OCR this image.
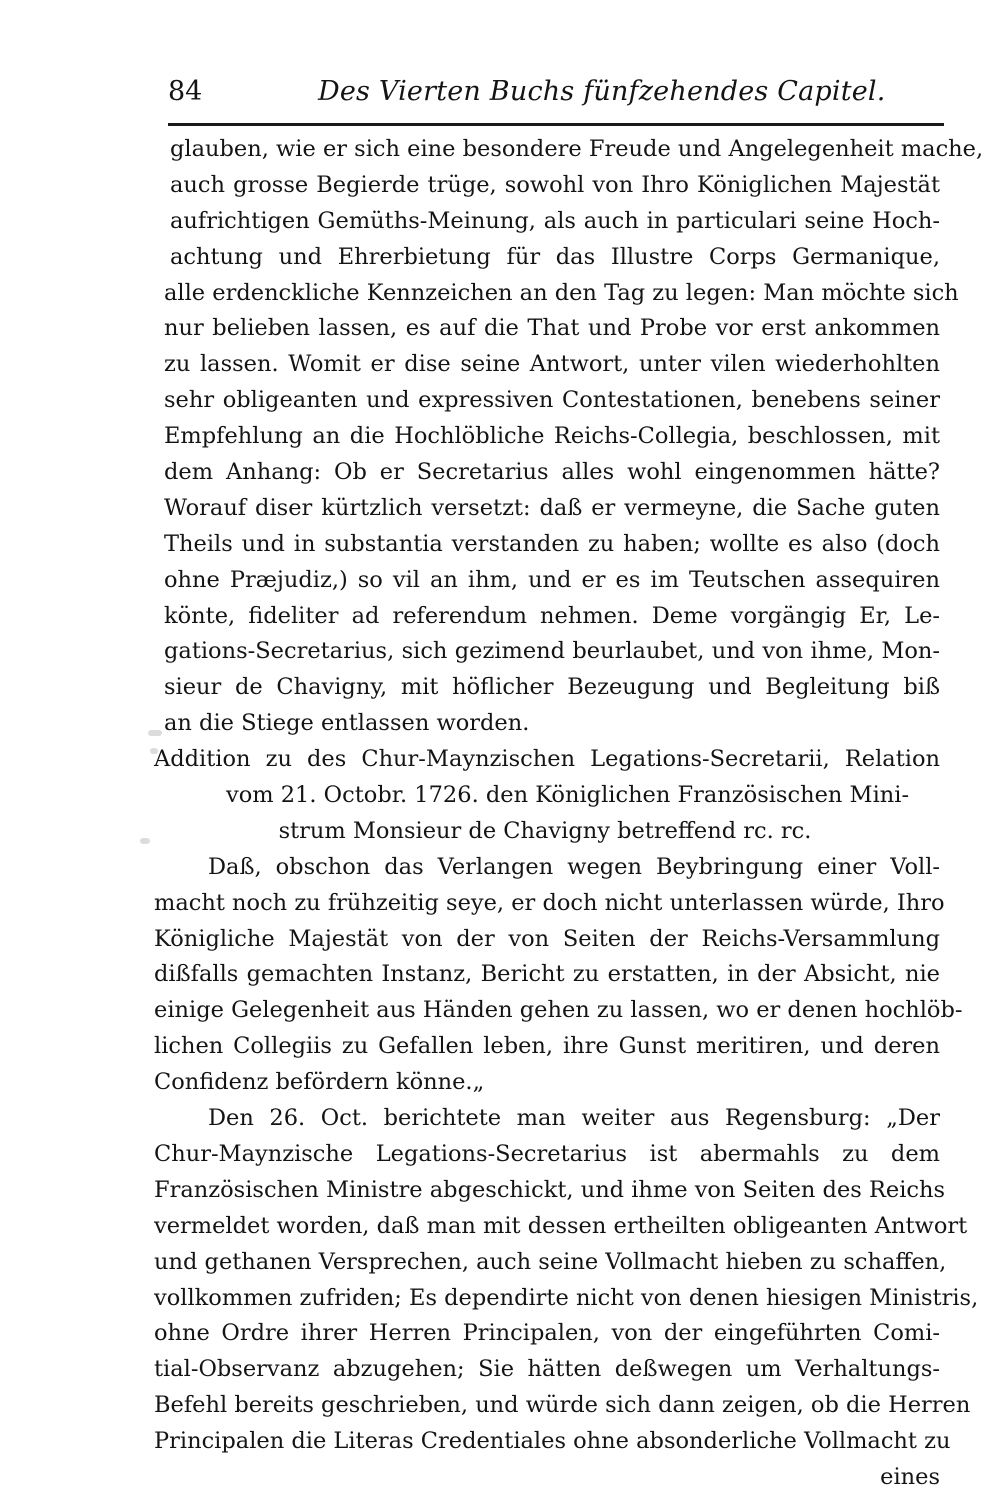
84	Des Vierten Buchs fünfzehendes Capitel.
glauben, wie er sich eine besondere Freude und Angelegenheit mache,
auch grosse Begierde trüge, sowohl von Ihro Königlichen Majestät
aufrichtigen Gemüths-Meinung, als auch in particulari seine Hoch-
achtung und Ehrerbietung für das Illustre Corps Germanique,
alle erdenckliche Kennzeichen an den Tag zu legen: Man möchte sich
nur belieben lassen, es auf die That und Probe vor erst ankommen
zu lassen. Womit er dise seine Antwort, unter vilen wiederhohlten
sehr obligeanten und expressiven Contestationen, benebens seiner
Empfehlung an die Hochlöbliche Reichs-Collegia, beschlossen, mit
dem Anhang: Ob er Secretarius alles wohl eingenommen hätte?
Worauf diser kürtzlich versetzt: daß er vermeyne, die Sache guten
Theils und in substantia verstanden zu haben; wollte es also (doch
ohne Præjudiz,) so vil an ihm, und er es im Teutschen assequiren
könte, fideliter ad referendum nehmen. Deme vorgängig Er, Le-
gations-Secretarius, sich gezimend beurlaubet, und von ihme, Mon-
sieur de Chavigny, mit höflicher Bezeugung und Begleitung biß
an die Stiege entlassen worden.
Addition zu des Chur-Maynzischen Legations-Secretarii, Relation
vom 21. Octobr. 1726. den Königlichen Französischen Mini-
strum Monsieur de Chavigny betreffend rc. rc.
Daß, obschon das Verlangen wegen Beybringung einer Voll-
macht noch zu frühzeitig seye, er doch nicht unterlassen würde, Ihro
Königliche Majestät von der von Seiten der Reichs-Versammlung
dißfalls gemachten Instanz, Bericht zu erstatten, in der Absicht, nie
einige Gelegenheit aus Händen gehen zu lassen, wo er denen hochlöb-
lichen Collegiis zu Gefallen leben, ihre Gunst meritiren, und deren
Confidenz befördern könne.„
Den 26. Oct. berichtete man weiter aus Regensburg: „Der
Chur-Maynzische Legations-Secretarius ist abermahls zu dem
Französischen Ministre abgeschickt, und ihme von Seiten des Reichs
vermeldet worden, daß man mit dessen ertheilten obligeanten Antwort
und gethanen Versprechen, auch seine Vollmacht hieben zu schaffen,
vollkommen zufriden; Es dependirte nicht von denen hiesigen Ministris,
ohne Ordre ihrer Herren Principalen, von der eingeführten Comi-
tial-Observanz abzugehen; Sie hätten deßwegen um Verhaltungs-
Befehl bereits geschrieben, und würde sich dann zeigen, ob die Herren
Principalen die Literas Credentiales ohne absonderliche Vollmacht zu
eines
